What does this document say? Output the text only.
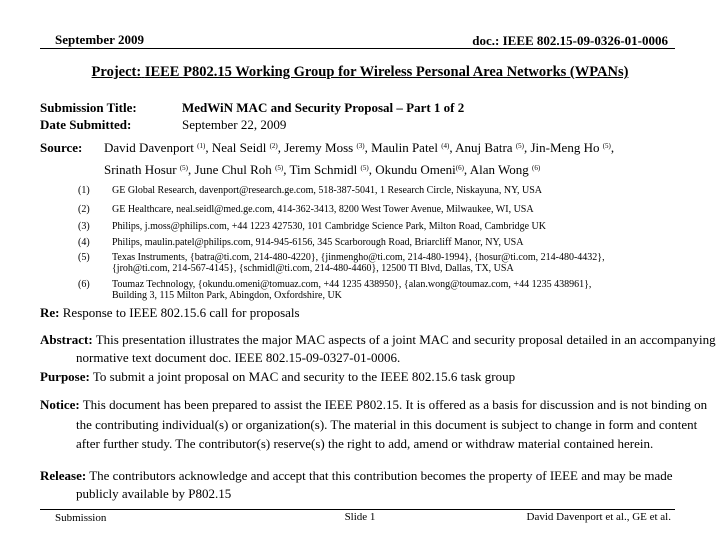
September 2009	doc.: IEEE 802.15-09-0326-01-0006
Project: IEEE P802.15 Working Group for Wireless Personal Area Networks (WPANs)
Submission Title:	MedWiN MAC and Security Proposal – Part 1 of 2
Date Submitted:	September 22, 2009
Source: David Davenport $^{(1)}$, Neal Seidl $^{(2)}$, Jeremy Moss $^{(3)}$, Maulin Patel $^{(4)}$, Anuj Batra $^{(5)}$, Jin-Meng Ho $^{(5)}$,
Srinath Hosur $^{(5)}$, June Chul Roh $^{(5)}$, Tim Schmidl $^{(5)}$, Okundu Omeni$^{(6)}$, Alan Wong $^{(6)}$
(1) GE Global Research, davenport@research.ge.com, 518-387-5041, 1 Research Circle, Niskayuna, NY, USA
(2) GE Healthcare, neal.seidl@med.ge.com, 414-362-3413, 8200 West Tower Avenue, Milwaukee, WI, USA
(3) Philips, j.moss@philips.com, +44 1223 427530, 101 Cambridge Science Park, Milton Road, Cambridge UK
(4) Philips, maulin.patel@philips.com, 914-945-6156, 345 Scarborough Road, Briarcliff Manor, NY, USA
(5) Texas Instruments, {batra@ti.com, 214-480-4220}, {jinmengho@ti.com, 214-480-1994}, {hosur@ti.com, 214-480-4432},
{jroh@ti.com, 214-567-4145}, {schmidl@ti.com, 214-480-4460}, 12500 TI Blvd, Dallas, TX, USA
(6) Toumaz Technology, {okundu.omeni@tomuaz.com, +44 1235 438950}, {alan.wong@toumaz.com, +44 1235 438961},
Building 3, 115 Milton Park, Abingdon, Oxfordshire, UK
Re: Response to IEEE 802.15.6 call for proposals
Abstract: This presentation illustrates the major MAC aspects of a joint MAC and security proposal detailed in an accompanying normative text document doc. IEEE 802.15-09-0327-01-0006.
Purpose: To submit a joint proposal on MAC and security to the IEEE 802.15.6 task group
Notice: This document has been prepared to assist the IEEE P802.15. It is offered as a basis for discussion and is not binding on the contributing individual(s) or organization(s). The material in this document is subject to change in form and content after further study. The contributor(s) reserve(s) the right to add, amend or withdraw material contained herein.
Release: The contributors acknowledge and accept that this contribution becomes the property of IEEE and may be made publicly available by P802.15
Submission	Slide 1	David Davenport et al., GE et al.
